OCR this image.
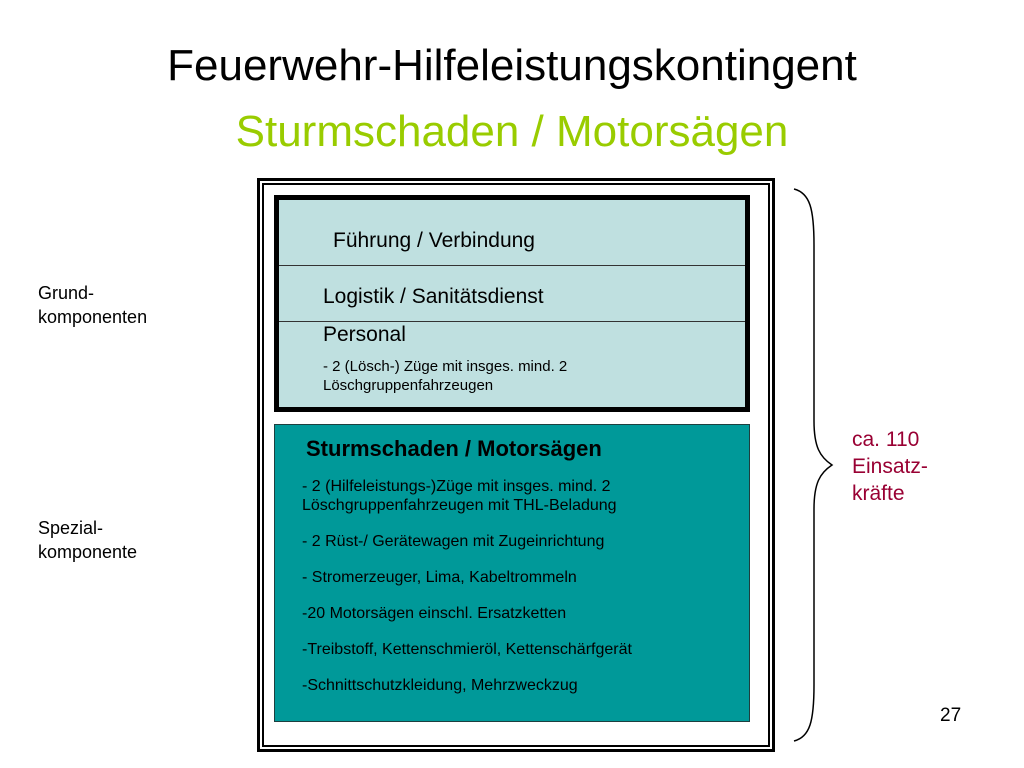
Feuerwehr-Hilfeleistungskontingent
Sturmschaden / Motorsägen
Grund-
komponenten
Spezial-
komponente
Führung / Verbindung
Logistik / Sanitätsdienst
Personal
- 2 (Lösch-) Züge mit insges. mind. 2
Löschgruppenfahrzeugen
Sturmschaden / Motorsägen
- 2 (Hilfeleistungs-)Züge mit insges. mind. 2
Löschgruppenfahrzeugen mit THL-Beladung
- 2 Rüst-/ Gerätewagen mit Zugeinrichtung
- Stromerzeuger, Lima, Kabeltrommeln
-20 Motorsägen einschl. Ersatzketten
-Treibstoff, Kettenschmieröl, Kettenschärfgerät
-Schnittschutzkleidung, Mehrzweckzug
ca. 110
Einsatz-
kräfte
27
